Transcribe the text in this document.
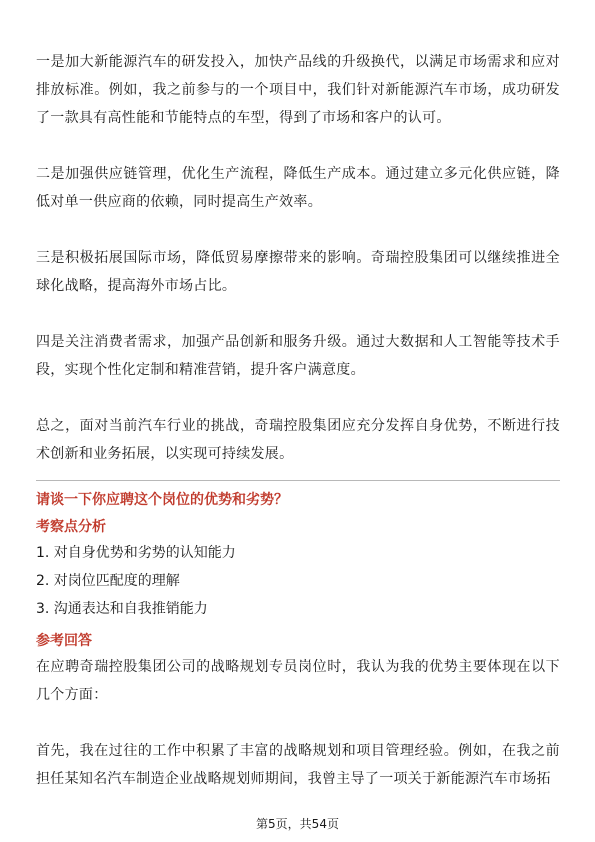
一是加大新能源汽车的研发投入，加快产品线的升级换代，以满足市场需求和应对排放标准。例如，我之前参与的一个项目中，我们针对新能源汽车市场，成功研发了一款具有高性能和节能特点的车型，得到了市场和客户的认可。

二是加强供应链管理，优化生产流程，降低生产成本。通过建立多元化供应链，降低对单一供应商的依赖，同时提高生产效率。

三是积极拓展国际市场，降低贸易摩擦带来的影响。奇瑞控股集团可以继续推进全球化战略，提高海外市场占比。

四是关注消费者需求，加强产品创新和服务升级。通过大数据和人工智能等技术手段，实现个性化定制和精准营销，提升客户满意度。

总之，面对当前汽车行业的挑战，奇瑞控股集团应充分发挥自身优势，不断进行技术创新和业务拓展，以实现可持续发展。

请谈一下你应聘这个岗位的优势和劣势？

考察点分析

1. 对自身优势和劣势的认知能力

2. 对岗位匹配度的理解

3. 沟通表达和自我推销能力

参考回答

在应聘奇瑞控股集团公司的战略规划专员岗位时，我认为我的优势主要体现在以下几个方面：

首先，我在过往的工作中积累了丰富的战略规划和项目管理经验。例如，在我之前担任某知名汽车制造企业战略规划师期间，我曾主导了一项关于新能源汽车市场拓

第5页，共54页
